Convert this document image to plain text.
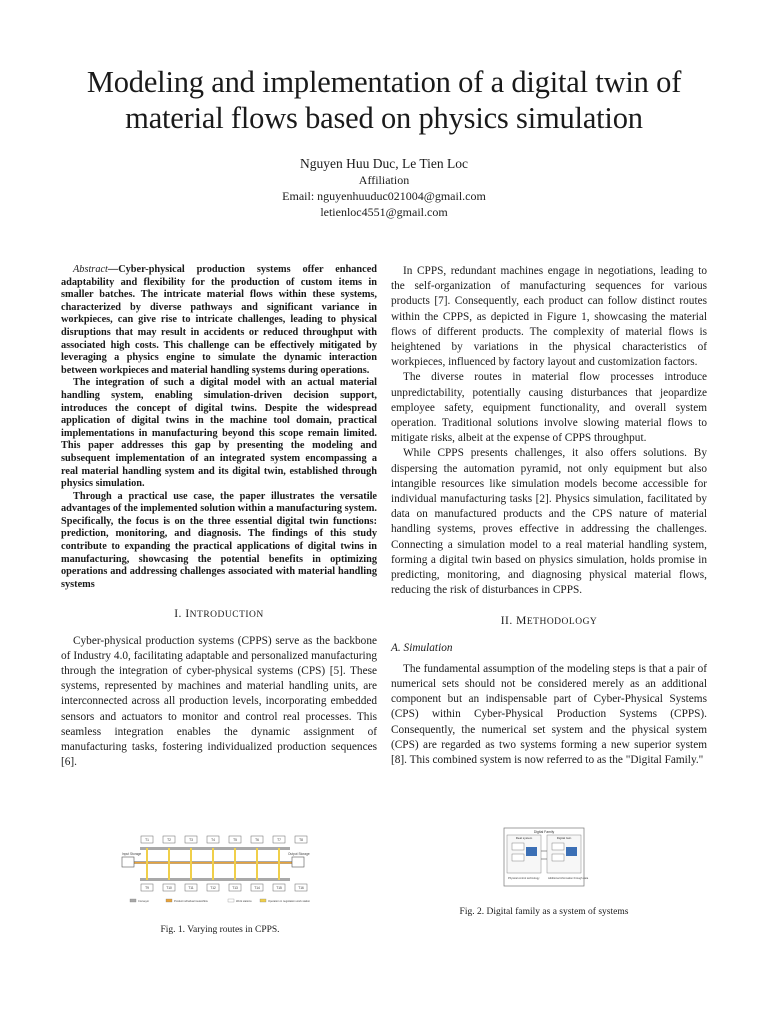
Modeling and implementation of a digital twin of material flows based on physics simulation
Nguyen Huu Duc, Le Tien Loc
Affiliation
Email: nguyenhuuduc021004@gmail.com
letienloc4551@gmail.com

Abstract—Cyber-physical production systems offer enhanced adaptability and flexibility for the production of custom items in smaller batches. The intricate material flows within these systems, characterized by diverse pathways and significant variance in workpieces, can give rise to intricate challenges, leading to physical disruptions that may result in accidents or reduced throughput with associated high costs. This challenge can be effectively mitigated by leveraging a physics engine to simulate the dynamic interaction between workpieces and material handling systems during operations.

The integration of such a digital model with an actual material handling system, enabling simulation-driven decision support, introduces the concept of digital twins. Despite the widespread application of digital twins in the machine tool domain, practical implementations in manufacturing beyond this scope remain limited. This paper addresses this gap by presenting the modeling and subsequent implementation of an integrated system encompassing a real material handling system and its digital twin, established through physics simulation.

Through a practical use case, the paper illustrates the versatile advantages of the implemented solution within a manufacturing system. Specifically, the focus is on the three essential digital twin functions: prediction, monitoring, and diagnosis. The findings of this study contribute to expanding the practical applications of digital twins in manufacturing, showcasing the potential benefits in optimizing operations and addressing challenges associated with material handling systems

I. INTRODUCTION

Cyber-physical production systems (CPPS) serve as the backbone of Industry 4.0, facilitating adaptable and personalized manufacturing through the integration of cyber-physical systems (CPS) [5]. These systems, represented by machines and material handling units, are interconnected across all production levels, incorporating embedded sensors and actuators to monitor and control real processes. This seamless integration enables the dynamic assignment of manufacturing tasks, fostering individualized production sequences [6].

In CPPS, redundant machines engage in negotiations, leading to the self-organization of manufacturing sequences for various products [7]. Consequently, each product can follow distinct routes within the CPPS, as depicted in Figure 1, showcasing the material flows of different products. The complexity of material flows is heightened by variations in the physical characteristics of workpieces, influenced by factory layout and customization factors.

The diverse routes in material flow processes introduce unpredictability, potentially causing disturbances that jeopardize employee safety, equipment functionality, and overall system operation. Traditional solutions involve slowing material flows to mitigate risks, albeit at the expense of CPPS throughput.

While CPPS presents challenges, it also offers solutions. By dispersing the automation pyramid, not only equipment but also intangible resources like simulation models become accessible for individual manufacturing tasks [2]. Physics simulation, facilitated by data on manufactured products and the CPS nature of material handling systems, proves effective in addressing the challenges. Connecting a simulation model to a real material handling system, forming a digital twin based on physics simulation, holds promise in predicting, monitoring, and diagnosing physical material flows, reducing the risk of disturbances in CPPS.

II. METHODOLOGY
A. Simulation

The fundamental assumption of the modeling steps is that a pair of numerical sets should not be considered merely as an additional component but an indispensable part of Cyber-Physical Systems (CPS) within Cyber-Physical Production Systems (CPPS). Consequently, the numerical set system and the physical system (CPS) are regarded as two systems forming a new superior system [8]. This combined system is now referred to as the "Digital Family."

T1	T2	T3	T4	T5	T6	T7	T8
T9	T10	T11	T12	T13	T14	T15	T16
Input Storage	Output Storage
Conveyor	Product individual routes/flow	Work stations	Operation in negotiation work station
Fig. 1. Varying routes in CPPS.
Digital Family
Real system	Digital twin
Physical control technology	Additional information through data
Fig. 2. Digital family as a system of systems
